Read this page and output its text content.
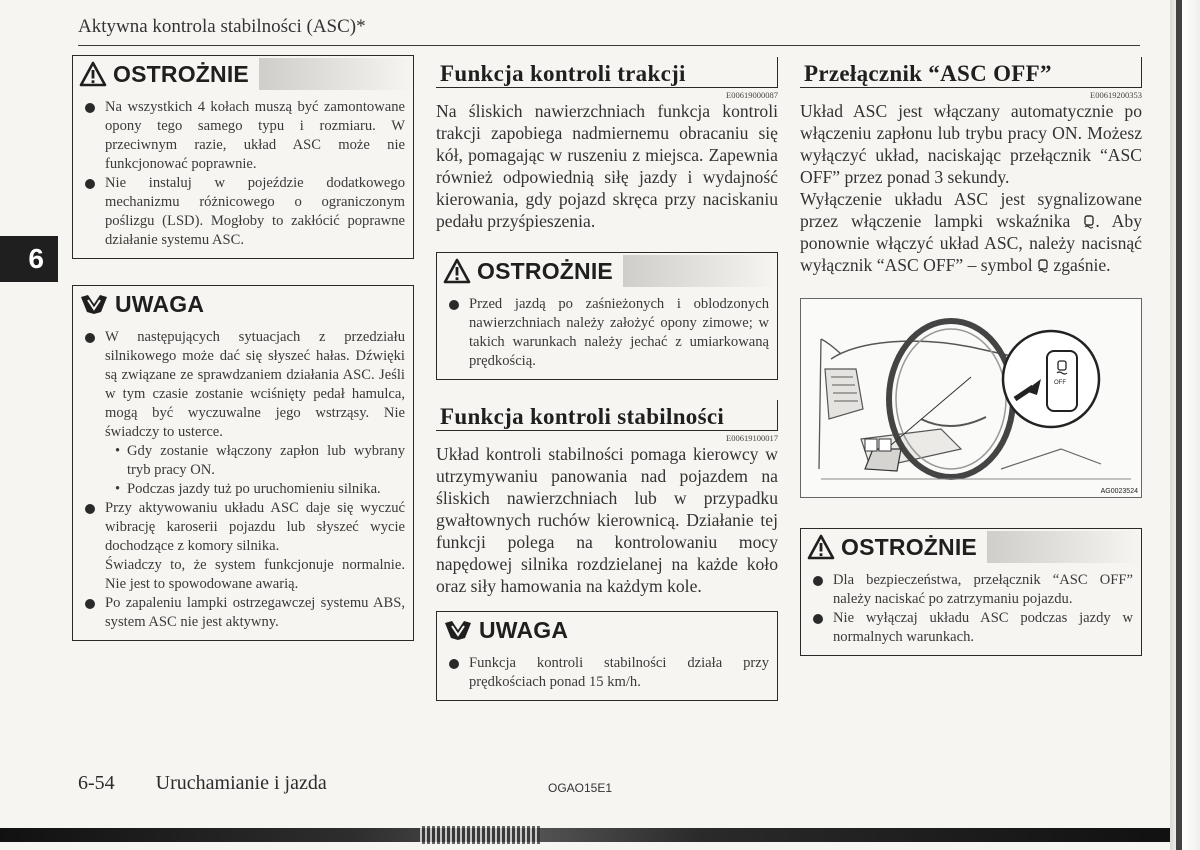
Aktywna kontrola stabilności (ASC)*
6
OSTROŻNIE
Na wszystkich 4 kołach muszą być zamontowane opony tego samego typu i rozmiaru. W przeciwnym razie, układ ASC może nie funkcjonować poprawnie.
Nie instaluj w pojeździe dodatkowego mechanizmu różnicowego o ograniczonym poślizgu (LSD). Mogłoby to zakłócić poprawne działanie systemu ASC.
UWAGA
W następujących sytuacjach z przedziału silnikowego może dać się słyszeć hałas. Dźwięki są związane ze sprawdzaniem działania ASC. Jeśli w tym czasie zostanie wciśnięty pedał hamulca, mogą być wyczuwalne jego wstrząsy. Nie świadczy to usterce.
• Gdy zostanie włączony zapłon lub wybrany tryb pracy ON.
• Podczas jazdy tuż po uruchomieniu silnika.
Przy aktywowaniu układu ASC daje się wyczuć wibrację karoserii pojazdu lub słyszeć wycie dochodzące z komory silnika.
Świadczy to, że system funkcjonuje normalnie. Nie jest to spowodowane awarią.
Po zapaleniu lampki ostrzegawczej systemu ABS, system ASC nie jest aktywny.
Funkcja kontroli trakcji
E00619000087
Na śliskich nawierzchniach funkcja kontroli trakcji zapobiega nadmiernemu obracaniu się kół, pomagając w ruszeniu z miejsca. Zapewnia również odpowiednią siłę jazdy i wydajność kierowania, gdy pojazd skręca przy naciskaniu pedału przyśpieszenia.
OSTROŻNIE
Przed jazdą po zaśnieżonych i oblodzonych nawierzchniach należy założyć opony zimowe; w takich warunkach należy jechać z umiarkowaną prędkością.
Funkcja kontroli stabilności
E00619100017
Układ kontroli stabilności pomaga kierowcy w utrzymywaniu panowania nad pojazdem na śliskich nawierzchniach lub w przypadku gwałtownych ruchów kierownicą. Działanie tej funkcji polega na kontrolowaniu mocy napędowej silnika rozdzielanej na każde koło oraz siły hamowania na każdym kole.
UWAGA
Funkcja kontroli stabilności działa przy prędkościach ponad 15 km/h.
Przełącznik “ASC OFF”
E00619200353
Układ ASC jest włączany automatycznie po włączeniu zapłonu lub trybu pracy ON. Możesz wyłączyć układ, naciskając przełącznik “ASC OFF” przez ponad 3 sekundy.
Wyłączenie układu ASC jest sygnalizowane przez włączenie lampki wskaźnika . Aby ponownie włączyć układ ASC, należy nacisnąć wyłącznik “ASC OFF” – symbol  zgaśnie.
OFF
AG0023524
OSTROŻNIE
Dla bezpieczeństwa, przełącznik “ASC OFF” należy naciskać po zatrzymaniu pojazdu.
Nie wyłączaj układu ASC podczas jazdy w normalnych warunkach.
6-54 Uruchamianie i jazda	OGAO15E1
